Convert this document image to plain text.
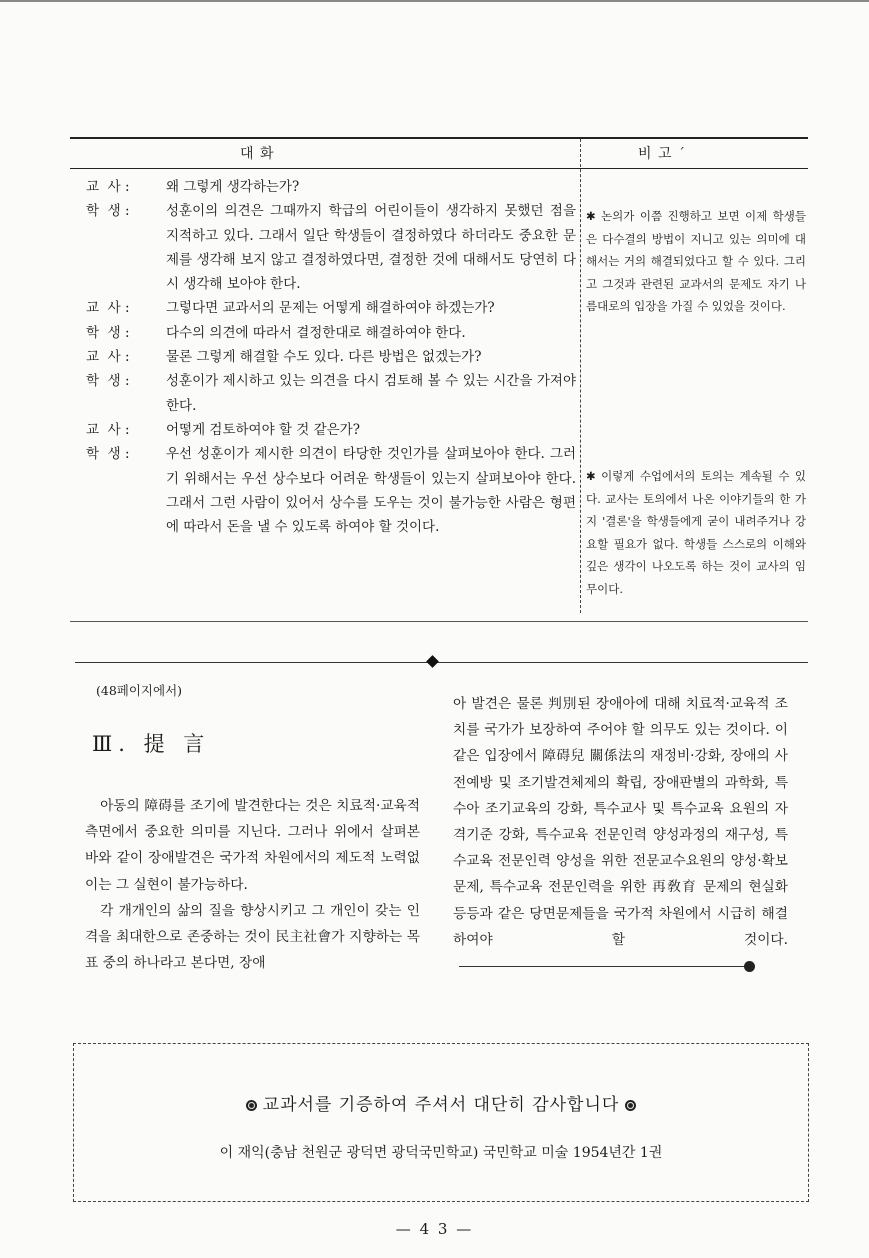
대 화	비 고 ˊ
교  사 :	왜 그렇게 생각하는가?
학  생 :	성훈이의 의견은 그때까지 학급의 어린이들이 생각하지 못했던 점을 지적하고 있다. 그래서 일단 학생들이 결정하였다 하더라도 중요한 문제를 생각해 보지 않고 결정하였다면, 결정한 것에 대해서도 당연히 다시 생각해 보아야 한다.
교  사 :	그렇다면 교과서의 문제는 어떻게 해결하여야 하겠는가?
학  생 :	다수의 의견에 따라서 결정한대로 해결하여야 한다.
교  사 :	물론 그렇게 해결할 수도 있다. 다른 방법은 없겠는가?
학  생 :	성훈이가 제시하고 있는 의견을 다시 검토해 볼 수 있는 시간을 가져야 한다.
교  사 :	어떻게 검토하여야 할 것 같은가?
학  생 :	우선 성훈이가 제시한 의견이 타당한 것인가를 살펴보아야 한다. 그러기 위해서는 우선 상수보다 어려운 학생들이 있는지 살펴보아야 한다. 그래서 그런 사람이 있어서 상수를 도우는 것이 불가능한 사람은 형편에 따라서 돈을 낼 수 있도록 하여야 할 것이다.
✱ 논의가 이쯤 진행하고 보면 이제 학생들은 다수결의 방법이 지니고 있는 의미에 대해서는 거의 해결되었다고 할 수 있다. 그리고 그것과 관련된 교과서의 문제도 자기 나름대로의 입장을 가질 수 있었을 것이다.
✱ 이렇게 수업에서의 토의는 계속될 수 있다. 교사는 토의에서 나온 이야기들의 한 가지 '결론'을 학생들에게 굳이 내려주거나 강요할 필요가 없다. 학생들 스스로의 이해와 깊은 생각이 나오도록 하는 것이 교사의 임무이다.
(48페이지에서)
Ⅲ. 提 言

아동의 障碍를 조기에 발견한다는 것은 치료적·교육적 측면에서 중요한 의미를 지닌다. 그러나 위에서 살펴본 바와 같이 장애발견은 국가적 차원에서의 제도적 노력없이는 그 실현이 불가능하다.

각 개개인의 삶의 질을 향상시키고 그 개인이 갖는 인격을 최대한으로 존중하는 것이 民主社會가 지향하는 목표 중의 하나라고 본다면, 장애

아 발견은 물론 判別된 장애아에 대해 치료적·교육적 조치를 국가가 보장하여 주어야 할 의무도 있는 것이다. 이같은 입장에서 障碍兒 關係法의 재정비·강화, 장애의 사전예방 및 조기발견체제의 확립, 장애판별의 과학화, 특수아 조기교육의 강화, 특수교사 및 특수교육 요원의 자격기준 강화, 특수교육 전문인력 양성과정의 재구성, 특수교육 전문인력 양성을 위한 전문교수요원의 양성·확보문제, 특수교육 전문인력을 위한 再敎育 문제의 현실화 등등과 같은 당면문제들을 국가적 차원에서 시급히 해결하여야 할 것이다.

교과서를 기증하여 주셔서 대단히 감사합니다
이 재익(충남 천원군 광덕면 광덕국민학교) 국민학교 미술 1954년간 1권
— 4 3 —
